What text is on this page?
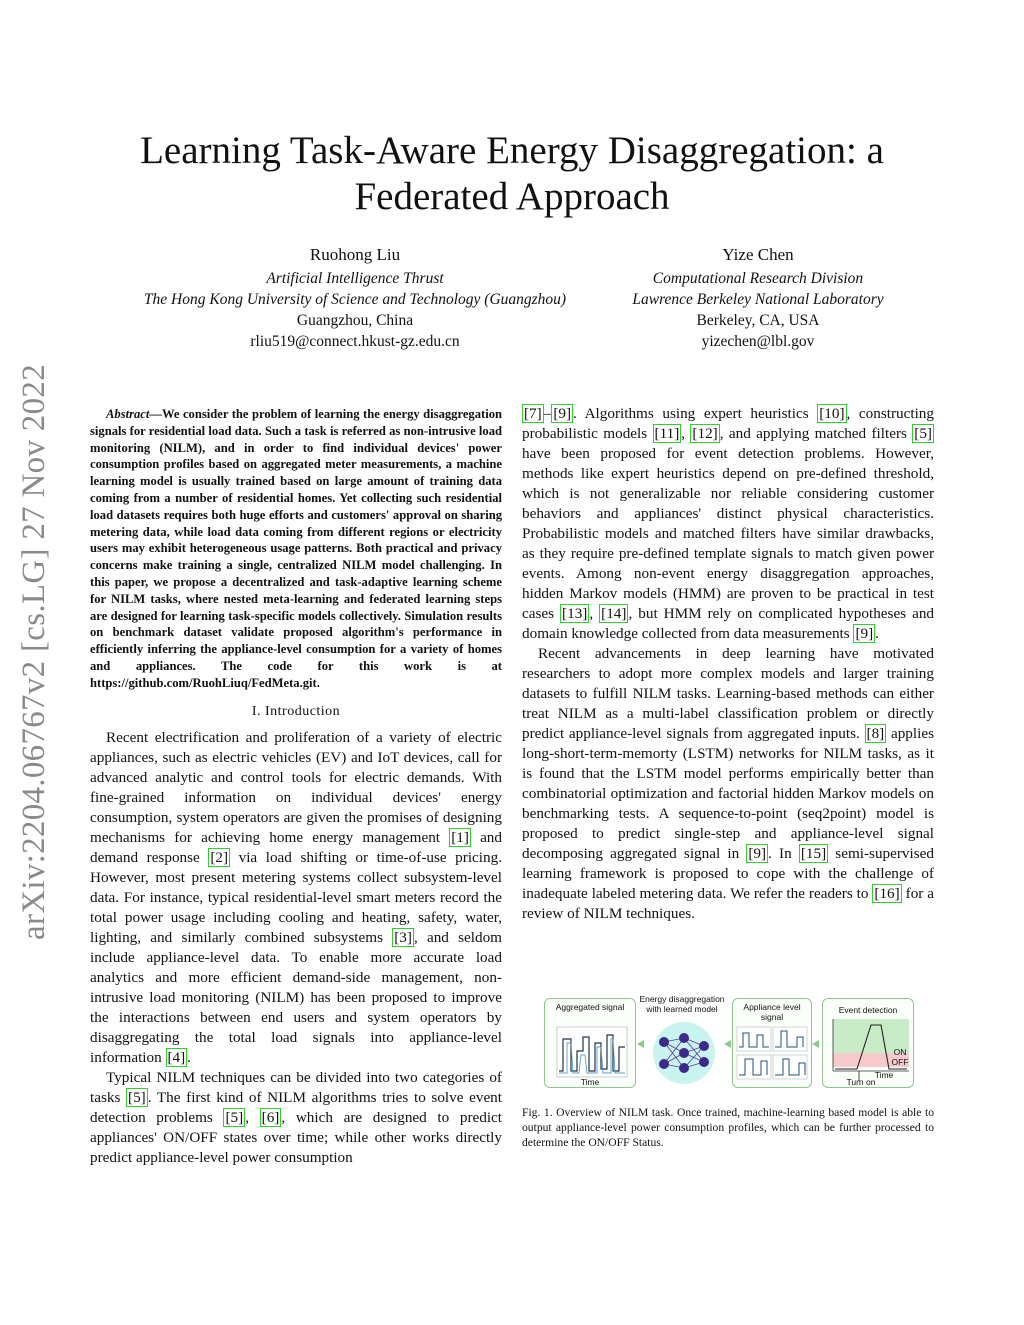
arXiv:2204.06767v2 [cs.LG] 27 Nov 2022
Learning Task-Aware Energy Disaggregation: a Federated Approach
Ruohong Liu
Artificial Intelligence Thrust
The Hong Kong University of Science and Technology (Guangzhou)
Guangzhou, China
rliu519@connect.hkust-gz.edu.cn
Yize Chen
Computational Research Division
Lawrence Berkeley National Laboratory
Berkeley, CA, USA
yizechen@lbl.gov
Abstract—We consider the problem of learning the energy disaggregation signals for residential load data. Such a task is referred as non-intrusive load monitoring (NILM), and in order to find individual devices' power consumption profiles based on aggregated meter measurements, a machine learning model is usually trained based on large amount of training data coming from a number of residential homes. Yet collecting such residential load datasets requires both huge efforts and customers' approval on sharing metering data, while load data coming from different regions or electricity users may exhibit heterogeneous usage patterns. Both practical and privacy concerns make training a single, centralized NILM model challenging. In this paper, we propose a decentralized and task-adaptive learning scheme for NILM tasks, where nested meta-learning and federated learning steps are designed for learning task-specific models collectively. Simulation results on benchmark dataset validate proposed algorithm's performance in efficiently inferring the appliance-level consumption for a variety of homes and appliances. The code for this work is at https://github.com/RuohLiuq/FedMeta.git.
I. Introduction

Recent electrification and proliferation of a variety of electric appliances, such as electric vehicles (EV) and IoT devices, call for advanced analytic and control tools for electric demands. With fine-grained information on individual devices' energy consumption, system operators are given the promises of designing mechanisms for achieving home energy management [1] and demand response [2] via load shifting or time-of-use pricing. However, most present metering systems collect subsystem-level data. For instance, typical residential-level smart meters record the total power usage including cooling and heating, safety, water, lighting, and similarly combined subsystems [3] , and seldom include appliance-level data. To enable more accurate load analytics and more efficient demand-side management, non-intrusive load monitoring (NILM) has been proposed to improve the interactions between end users and system operators by disaggregating the total load signals into appliance-level information [4] .

Typical NILM techniques can be divided into two categories of tasks [5] . The first kind of NILM algorithms tries to solve event detection problems [5] , [6] , which are designed to predict appliances' ON/OFF states over time; while other works directly predict appliance-level power consumption

[7] – [9] . Algorithms using expert heuristics [10] , constructing probabilistic models [11] , [12] , and applying matched filters [5] have been proposed for event detection problems. However, methods like expert heuristics depend on pre-defined threshold, which is not generalizable nor reliable considering customer behaviors and appliances' distinct physical characteristics. Probabilistic models and matched filters have similar drawbacks, as they require pre-defined template signals to match given power events. Among non-event energy disaggregation approaches, hidden Markov models (HMM) are proven to be practical in test cases [13] , [14] , but HMM rely on complicated hypotheses and domain knowledge collected from data measurements [9] .

Recent advancements in deep learning have motivated researchers to adopt more complex models and larger training datasets to fulfill NILM tasks. Learning-based methods can either treat NILM as a multi-label classification problem or directly predict appliance-level signals from aggregated inputs. [8] applies long-short-term-memorty (LSTM) networks for NILM tasks, as it is found that the LSTM model performs empirically better than combinatorial optimization and factorial hidden Markov models on benchmarking tests. A sequence-to-point (seq2point) model is proposed to predict single-step and appliance-level signal decomposing aggregated signal in [9] . In [15] semi-supervised learning framework is proposed to cope with the challenge of inadequate labeled metering data. We refer the readers to [16] for a review of NILM techniques.

Aggregated signal
Time
Energy disaggregation with learned model	Appliance level signal
Event detection
ON
OFF
Time
Turn on
Fig. 1. Overview of NILM task. Once trained, machine-learning based model is able to output appliance-level power consumption profiles, which can be further processed to determine the ON/OFF Status.
